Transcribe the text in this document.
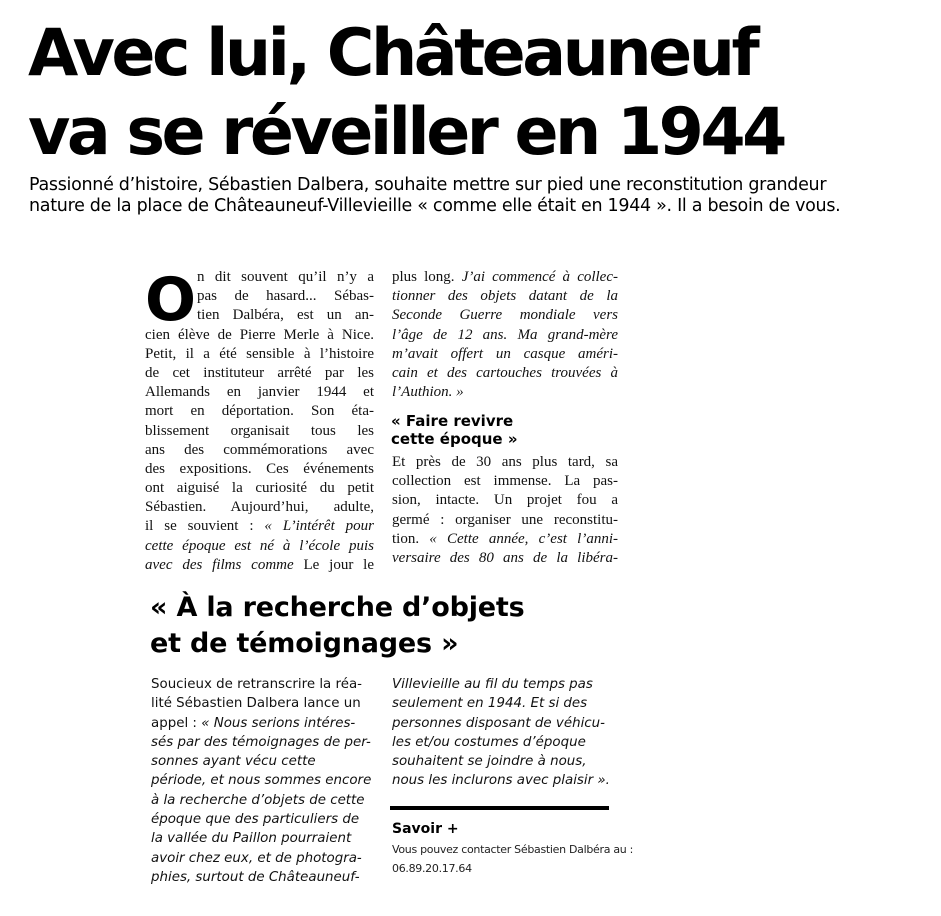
Avec lui, Châteauneuf
va se réveiller en 1944

Passionné d’histoire, Sébastien Dalbera, souhaite mettre sur pied une reconstitution grandeur
nature de la place de Châteauneuf-Villevieille « comme elle était en 1944 ». Il a besoin de vous.

O n dit souvent qu’il n’y a
pas de hasard... Sébas-
tien Dalbéra, est un an-
cien élève de Pierre Merle à Nice.
Petit, il a été sensible à l’histoire
de cet instituteur arrêté par les
Allemands en janvier 1944 et
mort en déportation. Son éta-
blissement organisait tous les
ans des commémorations avec
des expositions. Ces événements
ont aiguisé la curiosité du petit
Sébastien. Aujourd’hui, adulte,
il se souvient : « L’intérêt pour
cette époque est né à l’école puis
avec des films comme Le jour le
plus long. J’ai commencé à collec-
tionner des objets datant de la
Seconde Guerre mondiale vers
l’âge de 12 ans. Ma grand-mère
m’avait offert un casque améri-
cain et des cartouches trouvées à
l’Authion. »
« Faire revivre
cette époque »
Et près de 30 ans plus tard, sa
collection est immense. La pas-
sion, intacte. Un projet fou a
germé : organiser une reconstitu-
tion. « Cette année, c’est l’anni-
versaire des 80 ans de la libéra-
« À la recherche d’objets
et de témoignages »
Soucieux de retranscrire la réa-
lité Sébastien Dalbera lance un
appel : « Nous serions intéres-
sés par des témoignages de per-
sonnes ayant vécu cette
période, et nous sommes encore
à la recherche d’objets de cette
époque que des particuliers de
la vallée du Paillon pourraient
avoir chez eux, et de photogra-
phies, surtout de Châteauneuf-
Villevieille au fil du temps pas
seulement en 1944. Et si des
personnes disposant de véhicu-
les et/ou costumes d’époque
souhaitent se joindre à nous,
nous les inclurons avec plaisir ».
Savoir +
Vous pouvez contacter Sébastien Dalbéra au :
06.89.20.17.64
